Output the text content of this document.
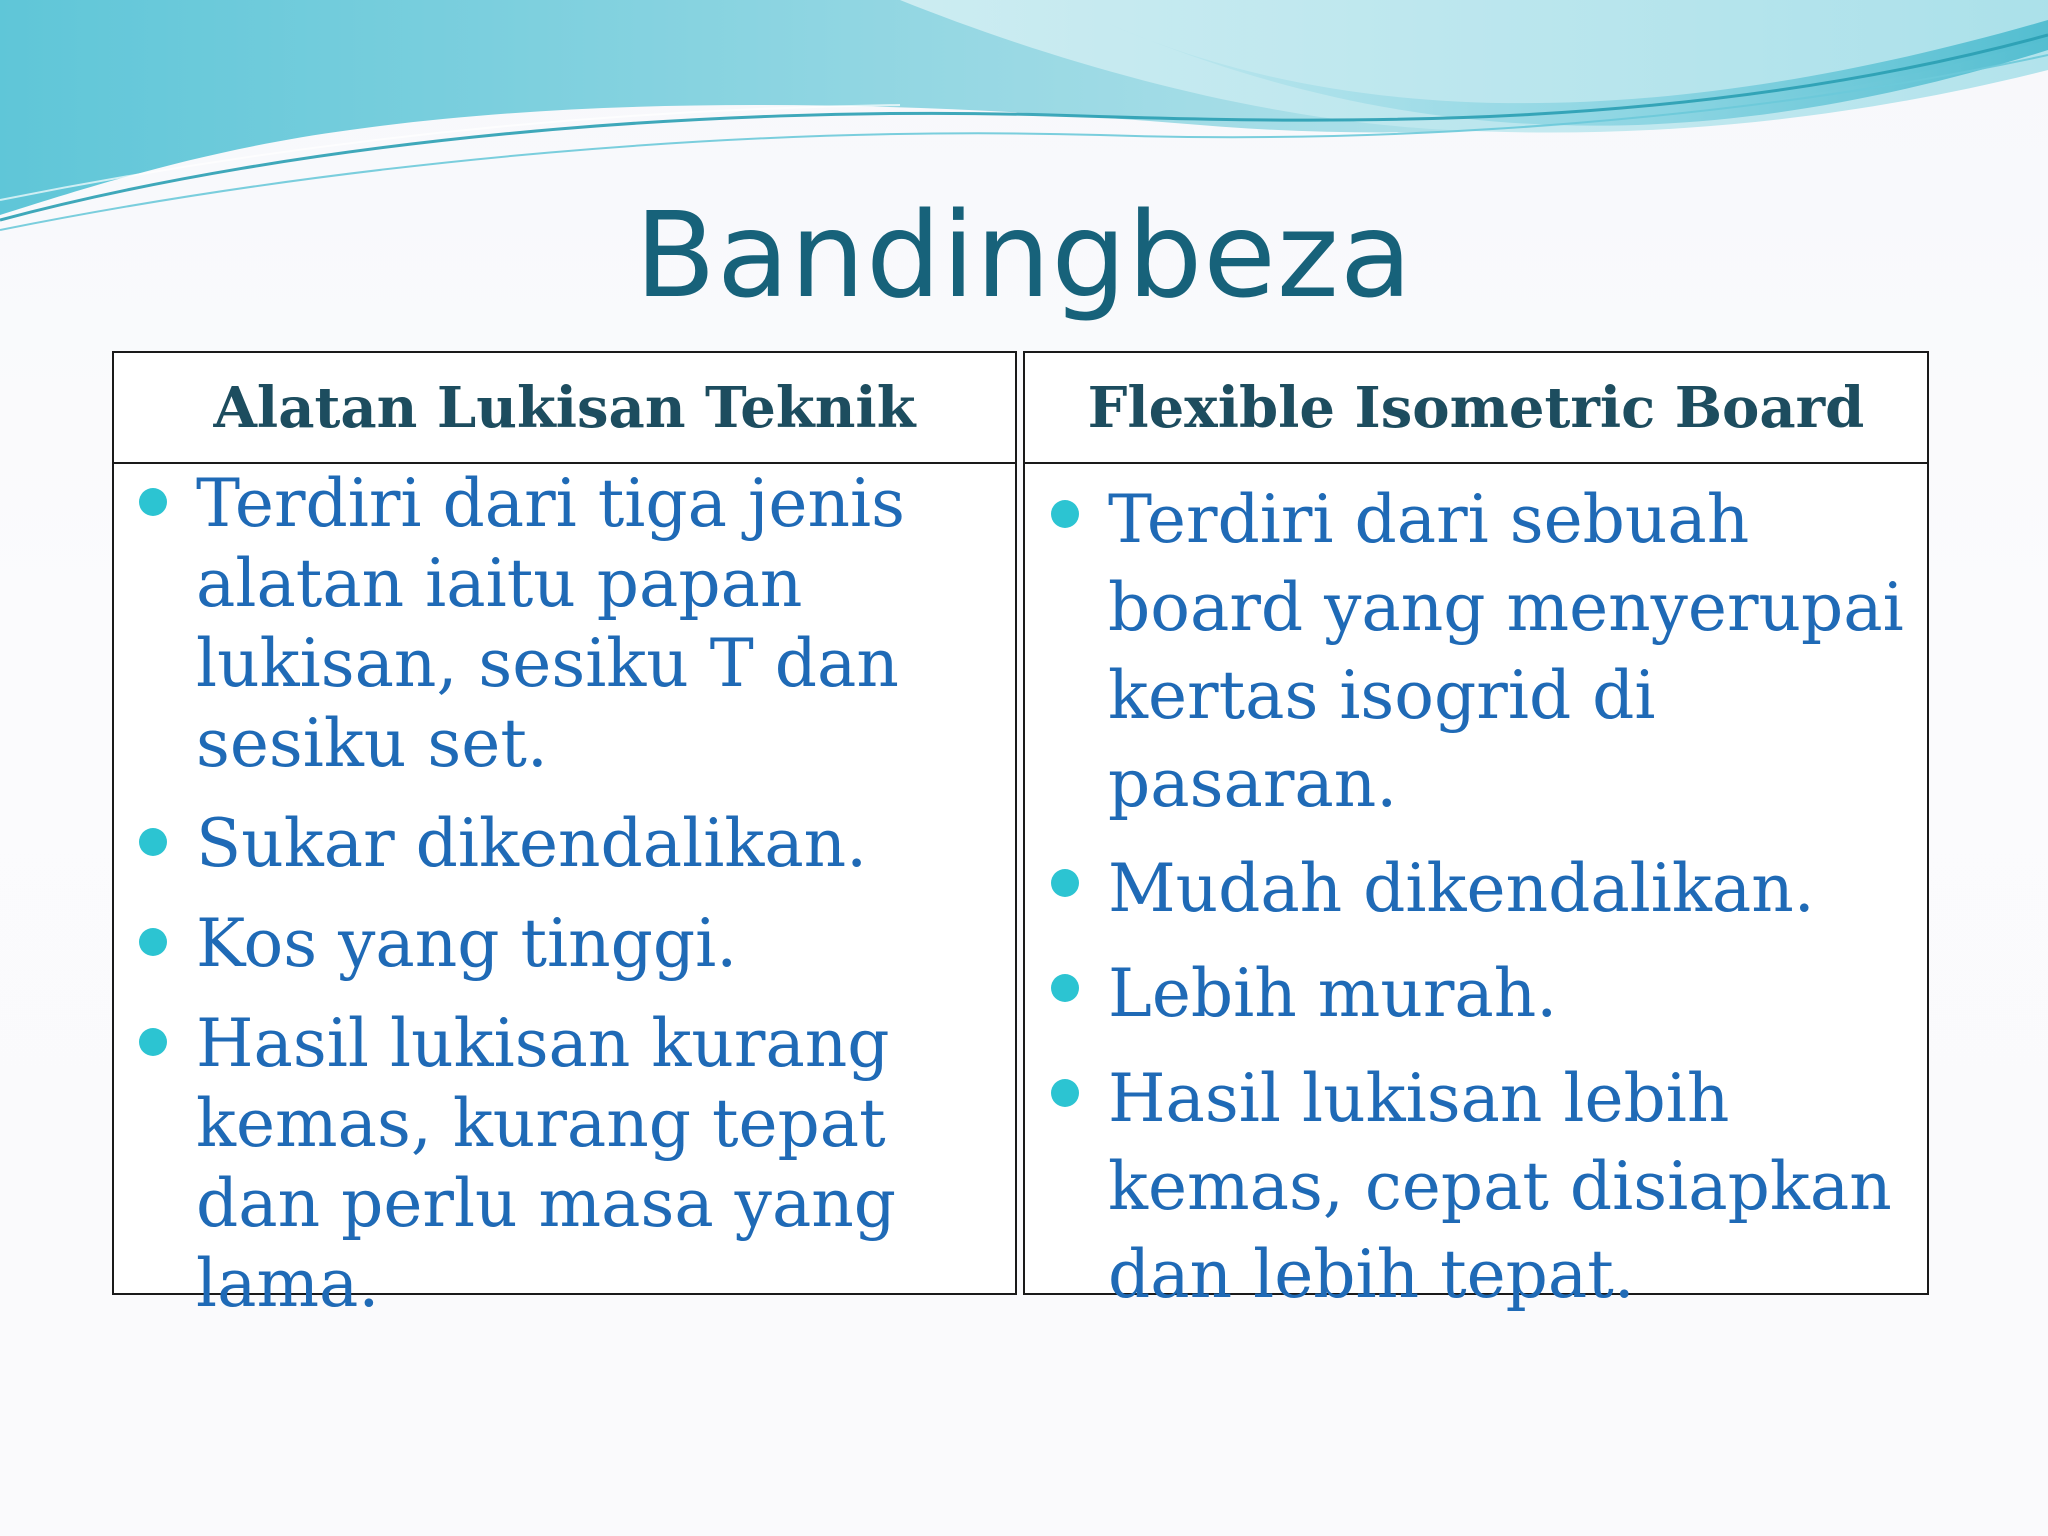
Bandingbeza
Alatan Lukisan Teknik
Terdiri dari tiga jenis alatan iaitu papan lukisan, sesiku T dan sesiku set.
Sukar dikendalikan.
Kos yang tinggi.
Hasil lukisan kurang kemas, kurang tepat dan perlu masa yang lama.
Flexible Isometric Board
Terdiri dari sebuah board yang menyerupai kertas isogrid di pasaran.
Mudah dikendalikan.
Lebih murah.
Hasil lukisan lebih kemas, cepat disiapkan dan lebih tepat.
